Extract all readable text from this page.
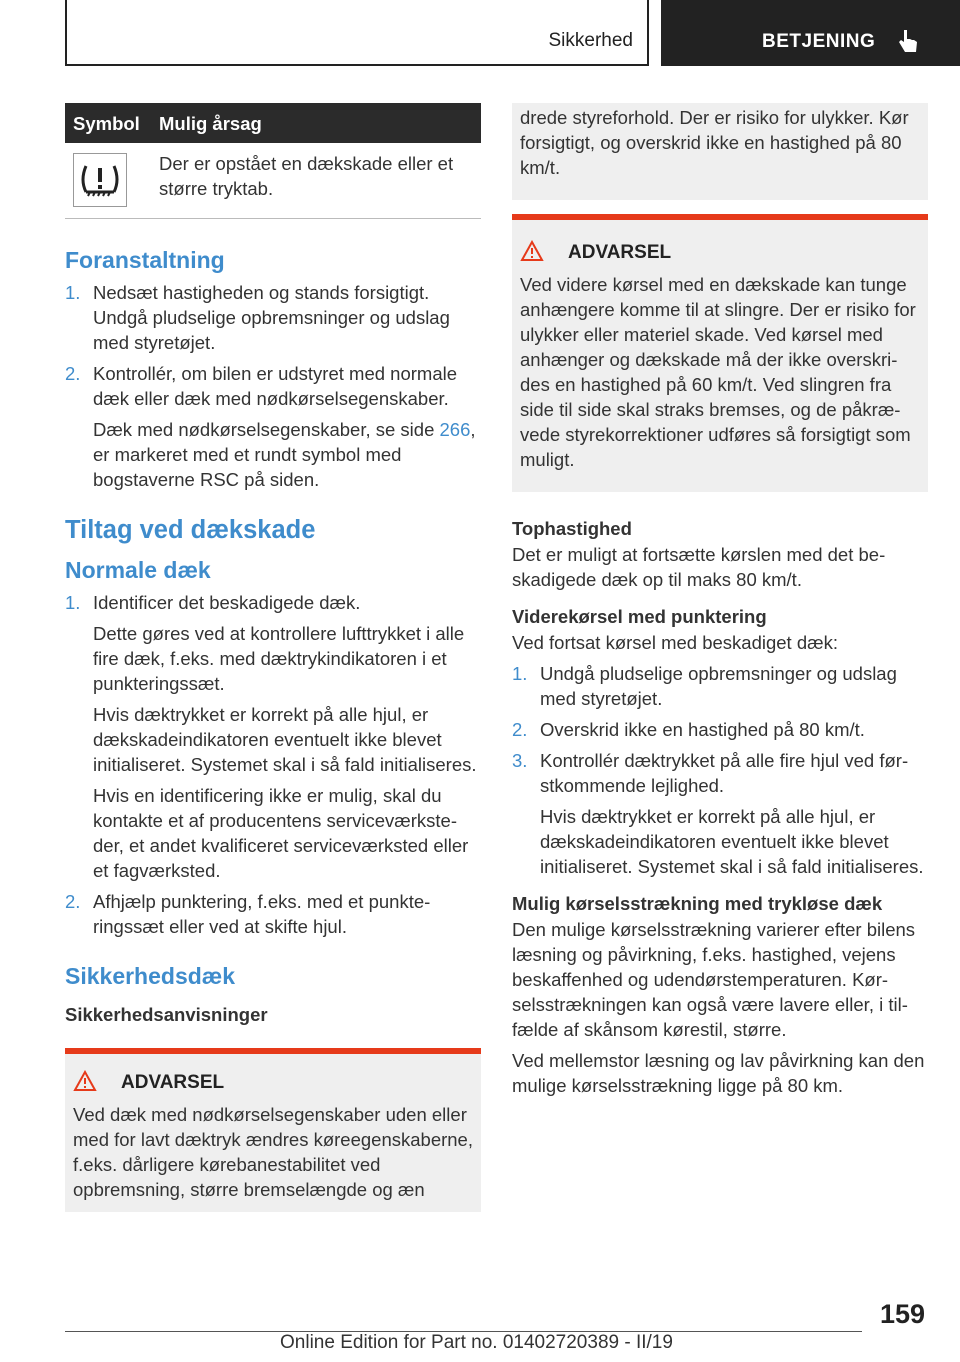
Sikkerhed	BETJENING
Symbol Mulig årsag

Der er opstået en dækskade eller et større tryktab.

Foranstaltning
1. Nedsæt hastigheden og stands forsigtigt. Undgå pludselige opbremsninger og udslag med styretøjet.
2. Kontrollér, om bilen er udstyret med normale dæk eller dæk med nødkørselsegenskaber.

Dæk med nødkørselsegenskaber, se side 266, er markeret med et rundt symbol med bogstaverne RSC på siden.

Tiltag ved dækskade
Normale dæk
1. Identificer det beskadigede dæk.

Dette gøres ved at kontrollere lufttrykket i alle fire dæk, f.eks. med dæktrykindikatoren i et punkteringssæt.

Hvis dæktrykket er korrekt på alle hjul, er dækskadeindikatoren eventuelt ikke blevet initialiseret. Systemet skal i så fald initialiseres.

Hvis en identificering ikke er mulig, skal du kontakte et af producentens serviceværksteder, et andet kvalificeret serviceværksted eller et fagværksted.

2. Afhjælp punktering, f.eks. med et punkteringssæt eller ved at skifte hjul.
Sikkerhedsdæk
Sikkerhedsanvisninger
ADVARSEL

Ved dæk med nødkørselsegenskaber uden eller med for lavt dæktryk ændres køreegenskaberne, f.eks. dårligere kørebanestabilitet ved opbremsning, større bremselængde og æn

drede styreforhold. Der er risiko for ulykker. Kør forsigtigt, og overskrid ikke en hastighed på 80 km/t.

ADVARSEL

Ved videre kørsel med en dækskade kan tunge anhængere komme til at slingre. Der er risiko for ulykker eller materiel skade. Ved kørsel med anhænger og dækskade må der ikke overskrides en hastighed på 60 km/t. Ved slingren fra side til side skal straks bremses, og de påkrævede styrekorrektioner udføres så forsigtigt som muligt.

Tophastighed

Det er muligt at fortsætte kørslen med det beskadigede dæk op til maks 80 km/t.

Viderekørsel med punktering

Ved fortsat kørsel med beskadiget dæk:

1. Undgå pludselige opbremsninger og udslag med styretøjet.
2. Overskrid ikke en hastighed på 80 km/t.
3. Kontrollér dæktrykket på alle fire hjul ved førstkommende lejlighed.

Hvis dæktrykket er korrekt på alle hjul, er dækskadeindikatoren eventuelt ikke blevet initialiseret. Systemet skal i så fald initialiseres.

Mulig kørselsstrækning med trykløse dæk

Den mulige kørselsstrækning varierer efter bilens læsning og påvirkning, f.eks. hastighed, vejens beskaffenhed og udendørstemperaturen. Kørselsstrækningen kan også være lavere eller, i tilfælde af skånsom kørestil, større.

Ved mellemstor læsning og lav påvirkning kan den mulige kørselsstrækning ligge på 80 km.

159
Online Edition for Part no. 01402720389 - II/19
